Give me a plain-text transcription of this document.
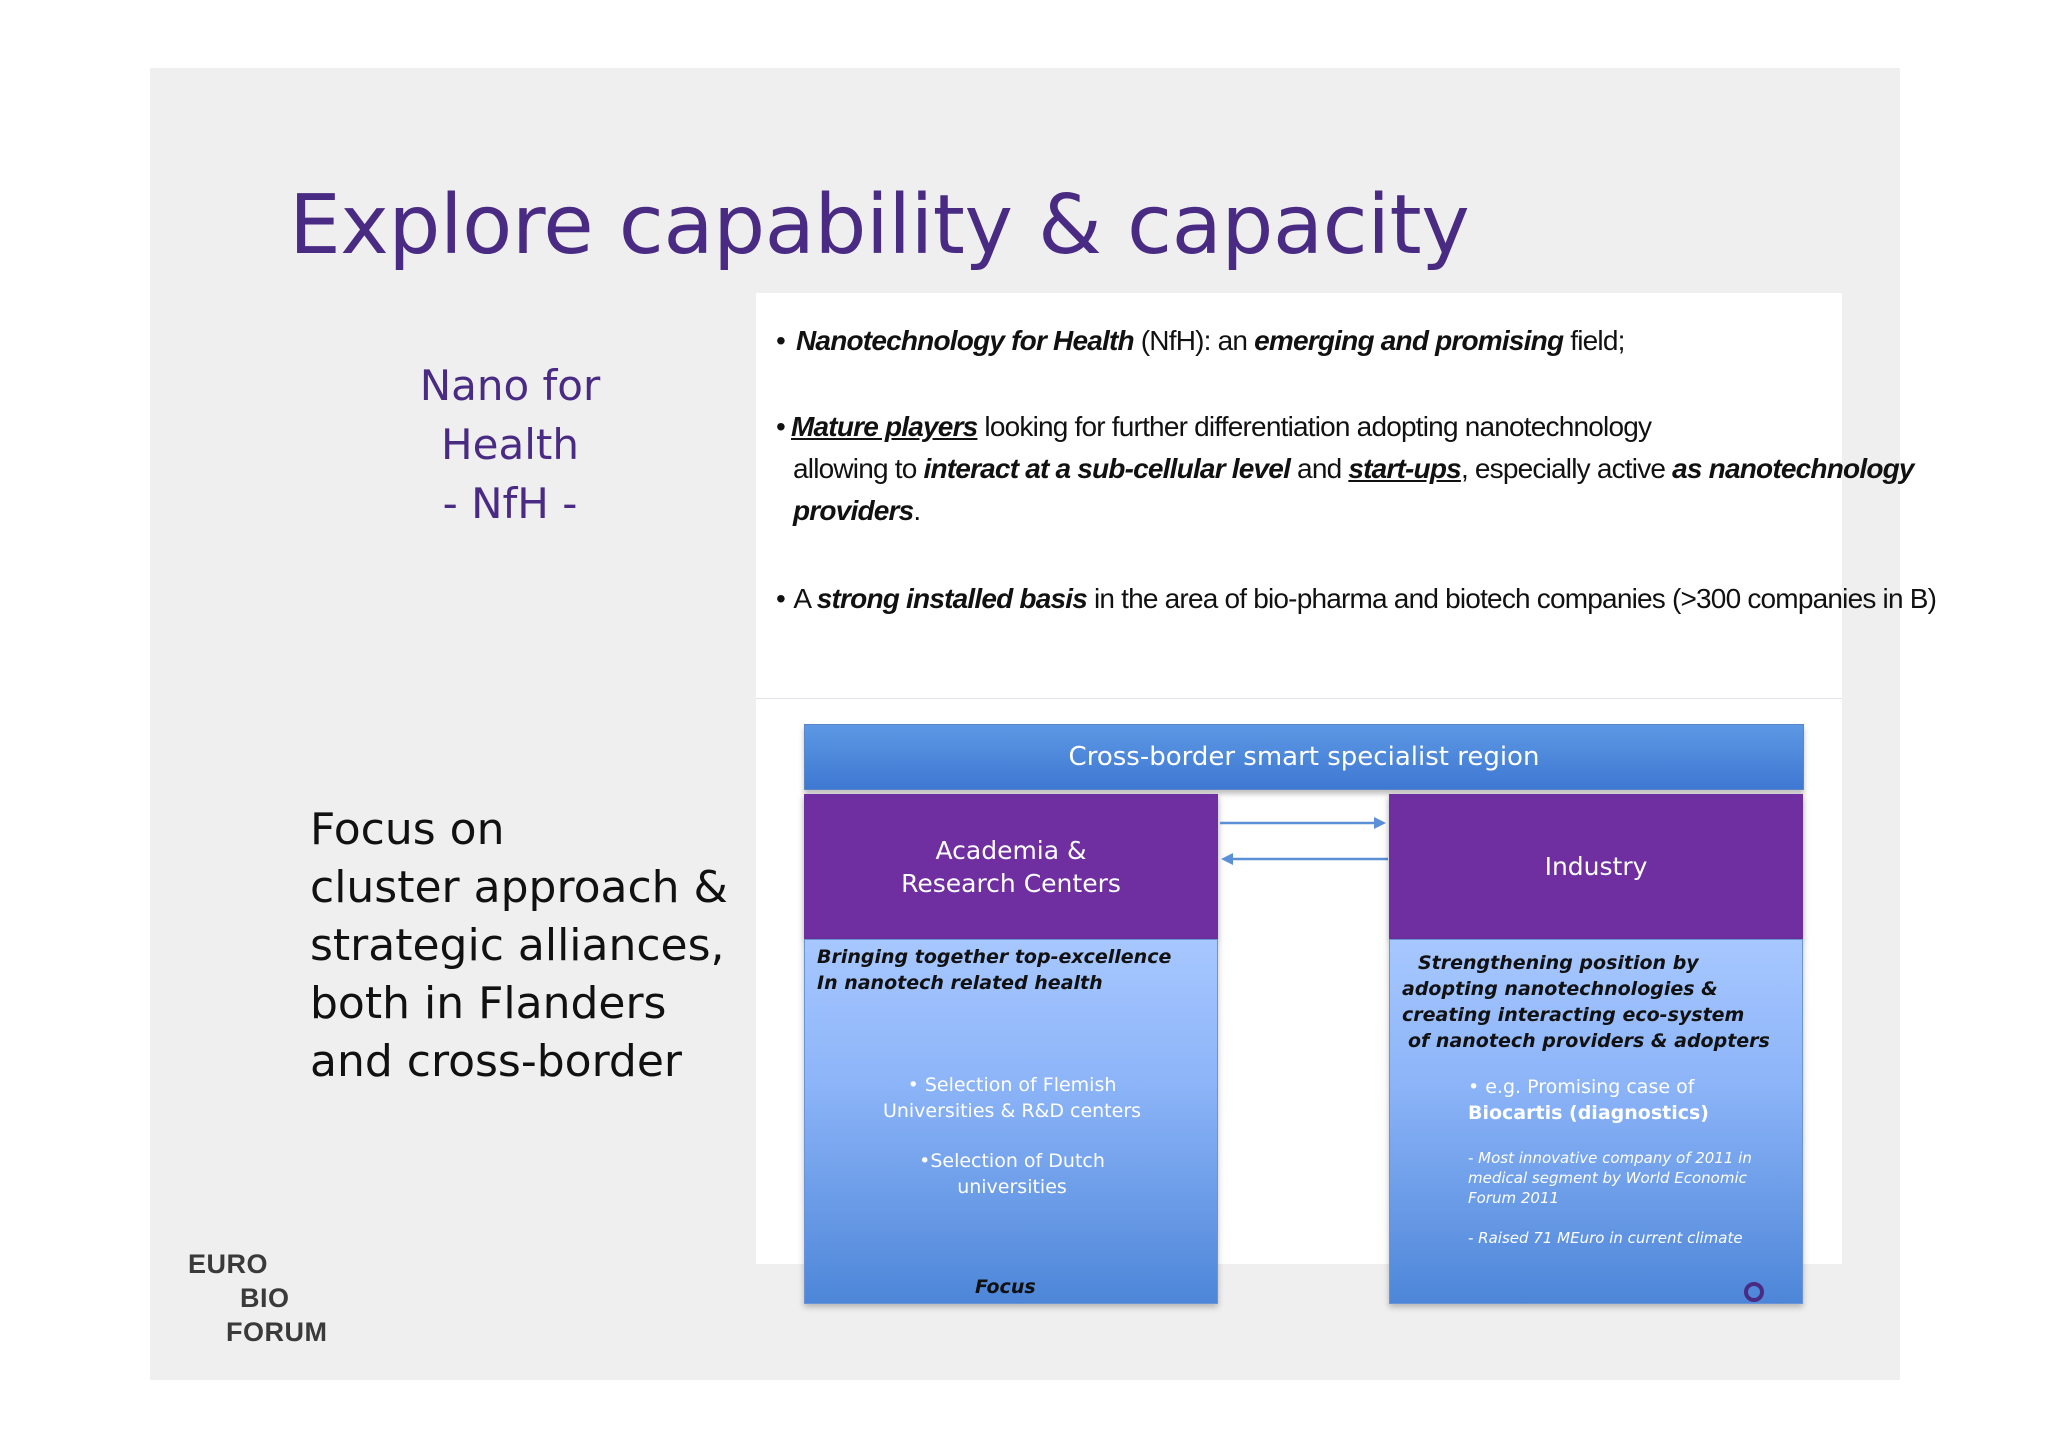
Explore capability & capacity
Nano for
Health
- NfH -
Focus on
cluster approach &
strategic alliances,
both in Flanders
and cross-border
• Nanotechnology for Health (NfH): an emerging and promising field;
• Mature players looking for further differentiation adopting nanotechnology
allowing to interact at a sub-cellular level and start-ups, especially active as nanotechnology
providers.
• A strong installed basis in the area of bio-pharma and biotech companies (>300 companies in B)
Cross-border smart specialist region
Academia &
Research Centers
Bringing together top-excellence
In nanotech related health
• Selection of Flemish
Universities & R&D centers
•Selection of Dutch
universities
Focus
Industry
Strengthening position by
adopting nanotechnologies &
creating interacting eco-system
of nanotech providers & adopters
• e.g. Promising case of
Biocartis (diagnostics)
- Most innovative company of 2011 in
medical segment by World Economic
Forum 2011
- Raised 71 MEuro in current climate
EURO
BIO
FORUM
